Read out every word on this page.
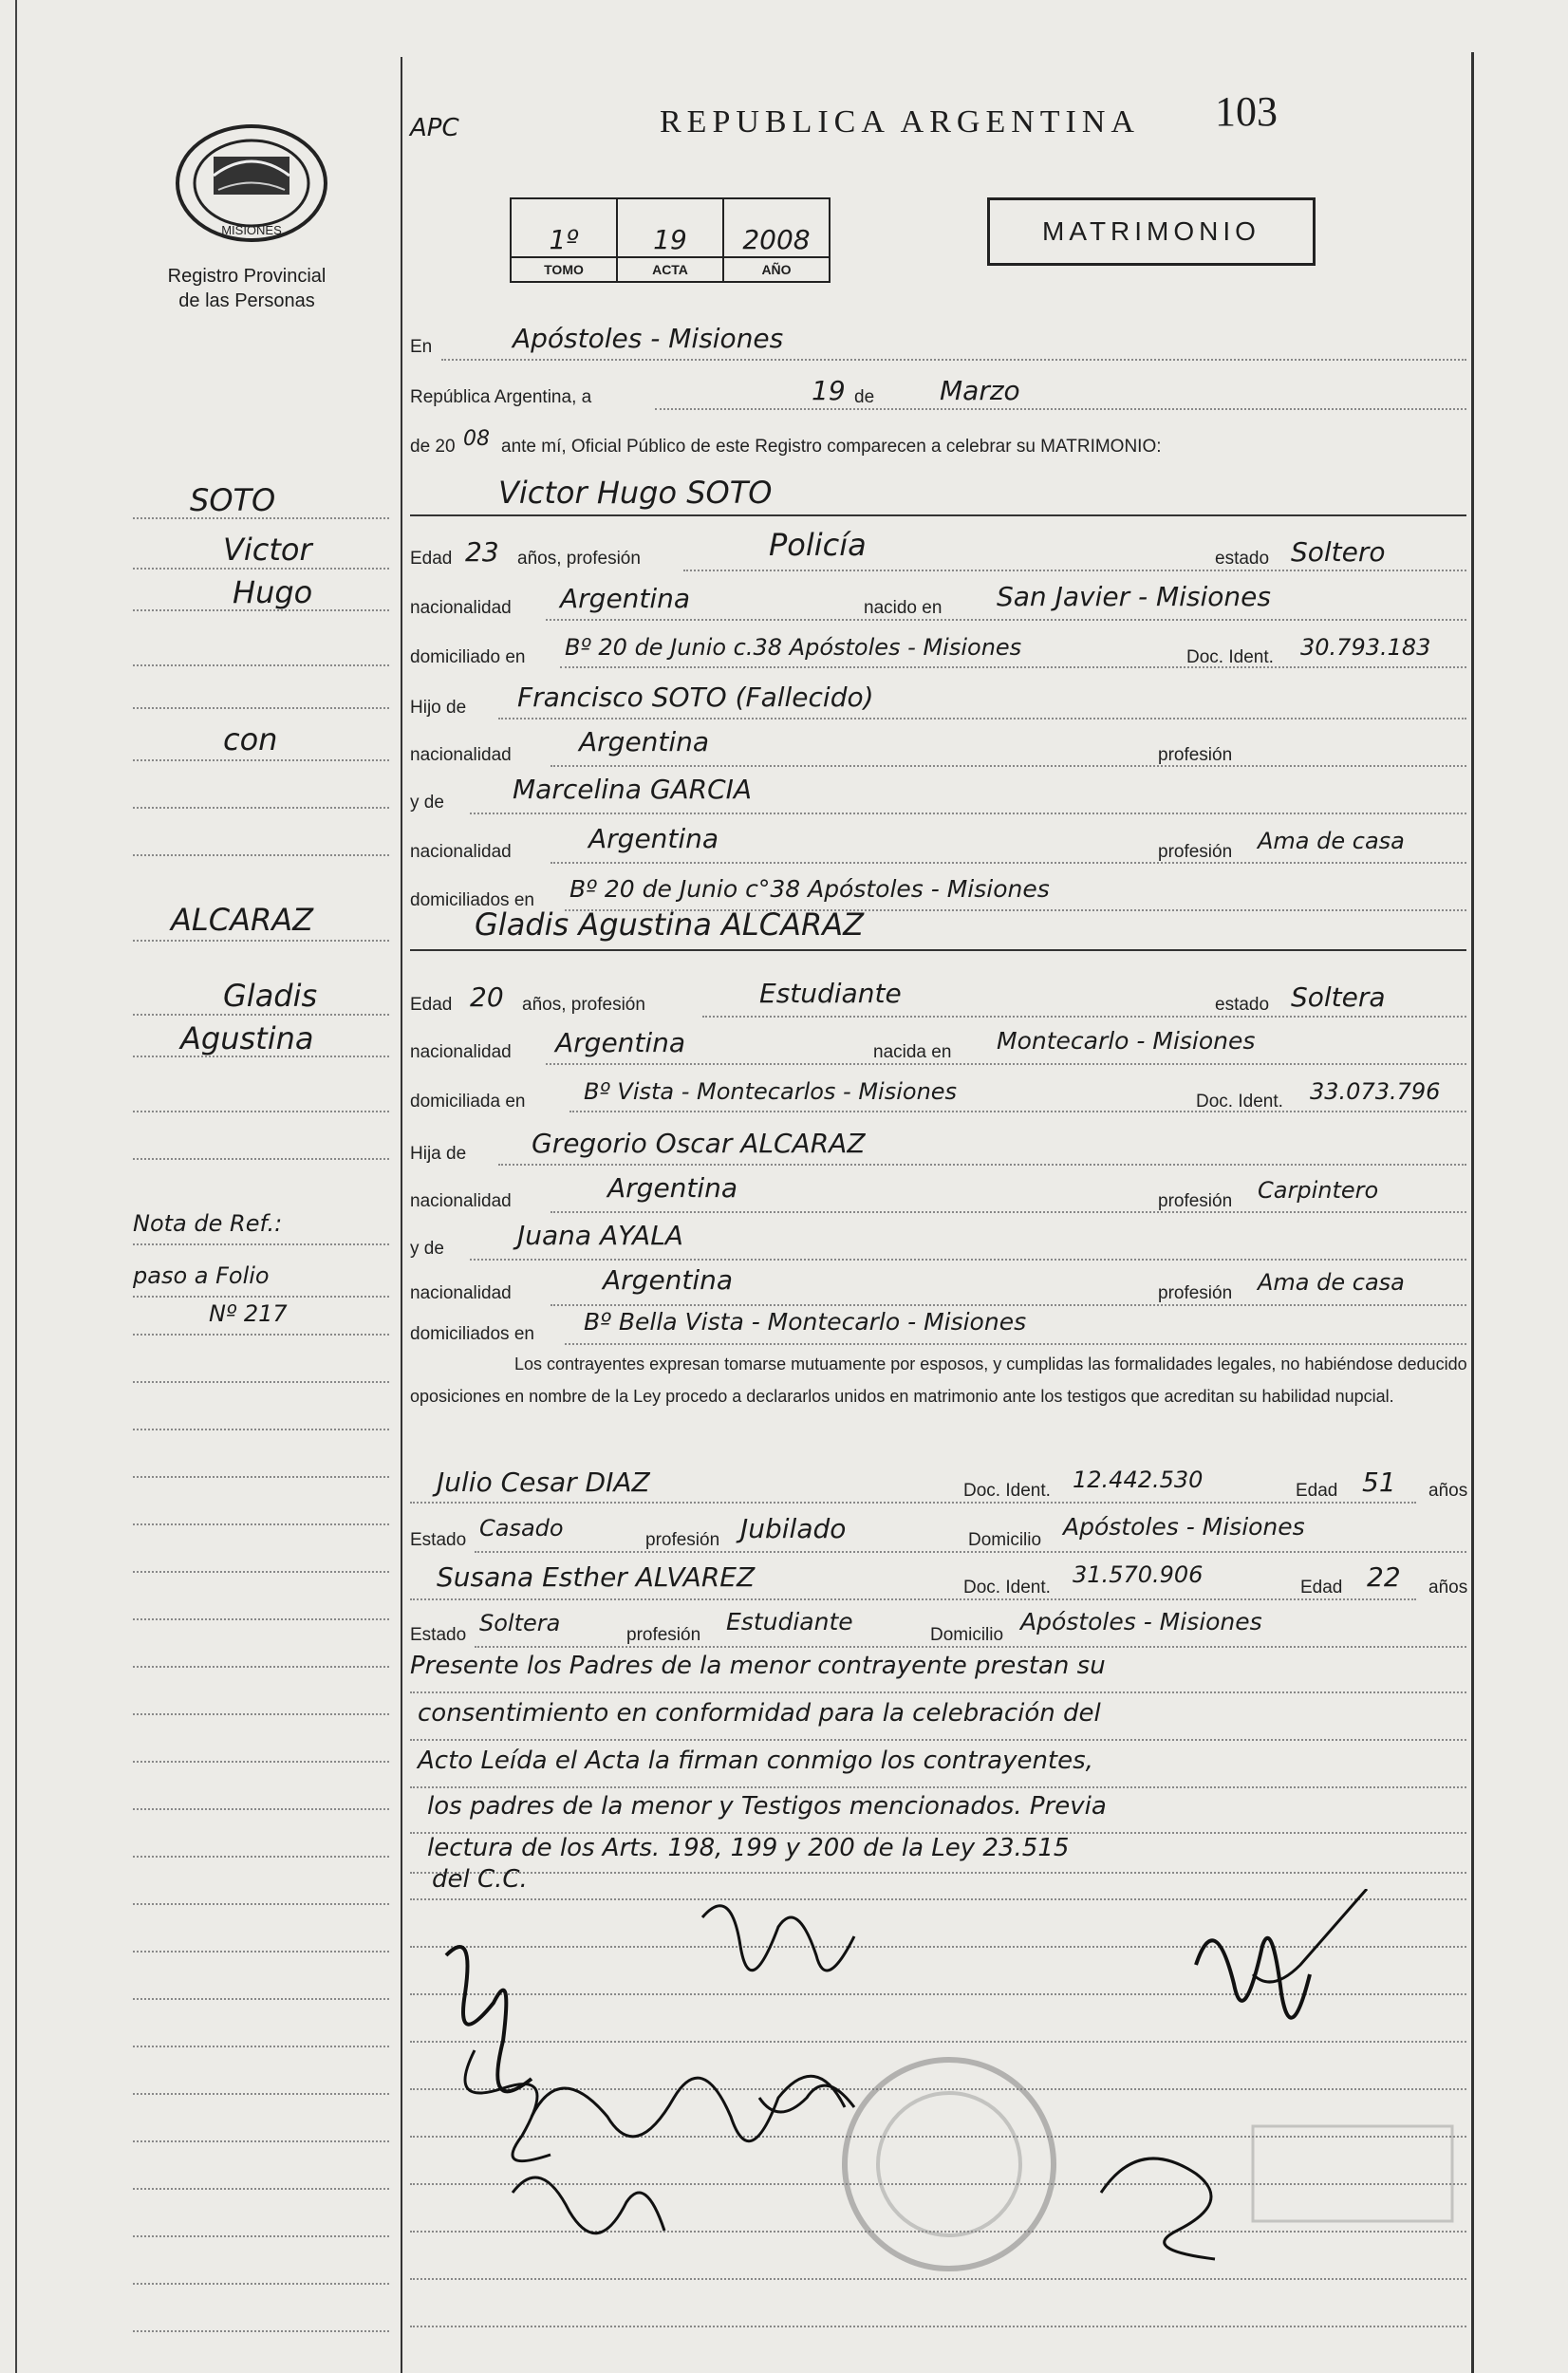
MISIONES
Registro Provincial
de las Personas
APC	REPUBLICA ARGENTINA 103
1º	19	2008
TOMO	ACTA	AÑO
MATRIMONIO
SOTO
Victor
Hugo
con
ALCARAZ
Gladis
Agustina
Nota de Ref.:
paso a Folio
Nº 217
En	Apóstoles - Misiones
República Argentina, a	19 de Marzo
de 20 08 ante mí, Oficial Público de este Registro comparecen a celebrar su MATRIMONIO:
Victor Hugo SOTO
Edad 23 años, profesión	Policía	estado Soltero
nacionalidad Argentina	nacido en San Javier - Misiones
domiciliado en Bº 20 de Junio c.38 Apóstoles - Misiones	Doc. Ident. 30.793.183
Hijo de Francisco SOTO (Fallecido)
nacionalidad	Argentina	profesión
y de	Marcelina GARCIA
nacionalidad	Argentina	profesión Ama de casa
domiciliados en Bº 20 de Junio c°38 Apóstoles - Misiones
Gladis Agustina ALCARAZ
Edad 20 años, profesión	Estudiante	estado Soltera
nacionalidad Argentina	nacida en Montecarlo - Misiones
domiciliada en	Bº Vista - Montecarlos - Misiones	Doc. Ident. 33.073.796
Hija de Gregorio Oscar ALCARAZ
nacionalidad	Argentina	profesión Carpintero
y de	Juana AYALA
nacionalidad	Argentina	profesión Ama de casa
domiciliados en Bº Bella Vista - Montecarlo - Misiones
Los contrayentes expresan tomarse mutuamente por esposos, y cumplidas las formalidades legales, no habiéndose deducido oposiciones en nombre de la Ley procedo a declararlos unidos en matrimonio ante los testigos que acreditan su habilidad nupcial.
Julio Cesar DIAZ	Doc. Ident. 12.442.530	Edad 51 años
Estado Casado	profesión Jubilado	Domicilio Apóstoles - Misiones
Susana Esther ALVAREZ	Doc. Ident. 31.570.906	Edad 22 años
Estado Soltera	profesión Estudiante	Domicilio Apóstoles - Misiones
Presente los Padres de la menor contrayente prestan su
consentimiento en conformidad para la celebración del
Acto Leída el Acta la firman conmigo los contrayentes,
los padres de la menor y Testigos mencionados. Previa
lectura de los Arts. 198, 199 y 200 de la Ley 23.515
del C.C.
